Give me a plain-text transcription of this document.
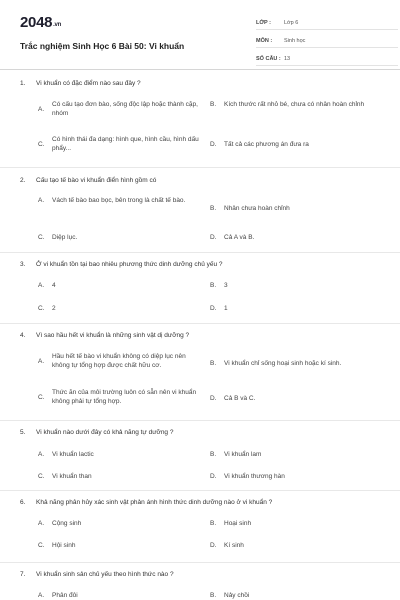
2048.vn
Trắc nghiệm Sinh Học 6 Bài 50: Vi khuẩn
LỚP :	Lớp 6
MÔN :	Sinh học
SỐ CÂU : 13
1. Vi khuẩn có đặc điểm nào sau đây ?
A.
Có cấu tạo đơn bào, sống độc lập hoặc thành cặp, nhóm
B.	Kích thước rất nhỏ bé, chưa có nhân hoàn chỉnh
C.
Có hình thái đa dạng: hình que, hình cầu, hình dấu phẩy...
D.	Tất cả các phương án đưa ra
2. Cấu tạo tế bào vi khuẩn điển hình gồm có
A.	Vách tế bào bao bọc, bên trong là chất tế bào.
B.	Nhân chưa hoàn chỉnh
C.	Diệp lục.	D.	Cả A và B.
3. Ở vi khuẩn tồn tại bao nhiêu phương thức dinh dưỡng chủ yếu ?
A.	4	B.	3
C.	2	D.	1
4. Vì sao hầu hết vi khuẩn là những sinh vật dị dưỡng ?
A.
Hầu hết tế bào vi khuẩn không có diệp lục nên không tự tổng hợp được chất hữu cơ.	B.	Vi khuẩn chỉ sống hoại sinh hoặc kí sinh.
C.
Thức ăn của môi trường luôn có sẵn nên vi khuẩn không phải tự tổng hợp.	D.	Cả B và C.
5. Vi khuẩn nào dưới đây có khả năng tự dưỡng ?
A.	Vi khuẩn lactic	B.	Vi khuẩn lam
C.	Vi khuẩn than	D.	Vi khuẩn thương hàn
6. Khả năng phân hủy xác sinh vật phản ánh hình thức dinh dưỡng nào ở vi khuẩn ?
A.	Cộng sinh	B.	Hoại sinh
C.	Hội sinh	D.	Kí sinh
7. Vi khuẩn sinh sản chủ yếu theo hình thức nào ?
A.	Phân đôi	B.	Nảy chồi
